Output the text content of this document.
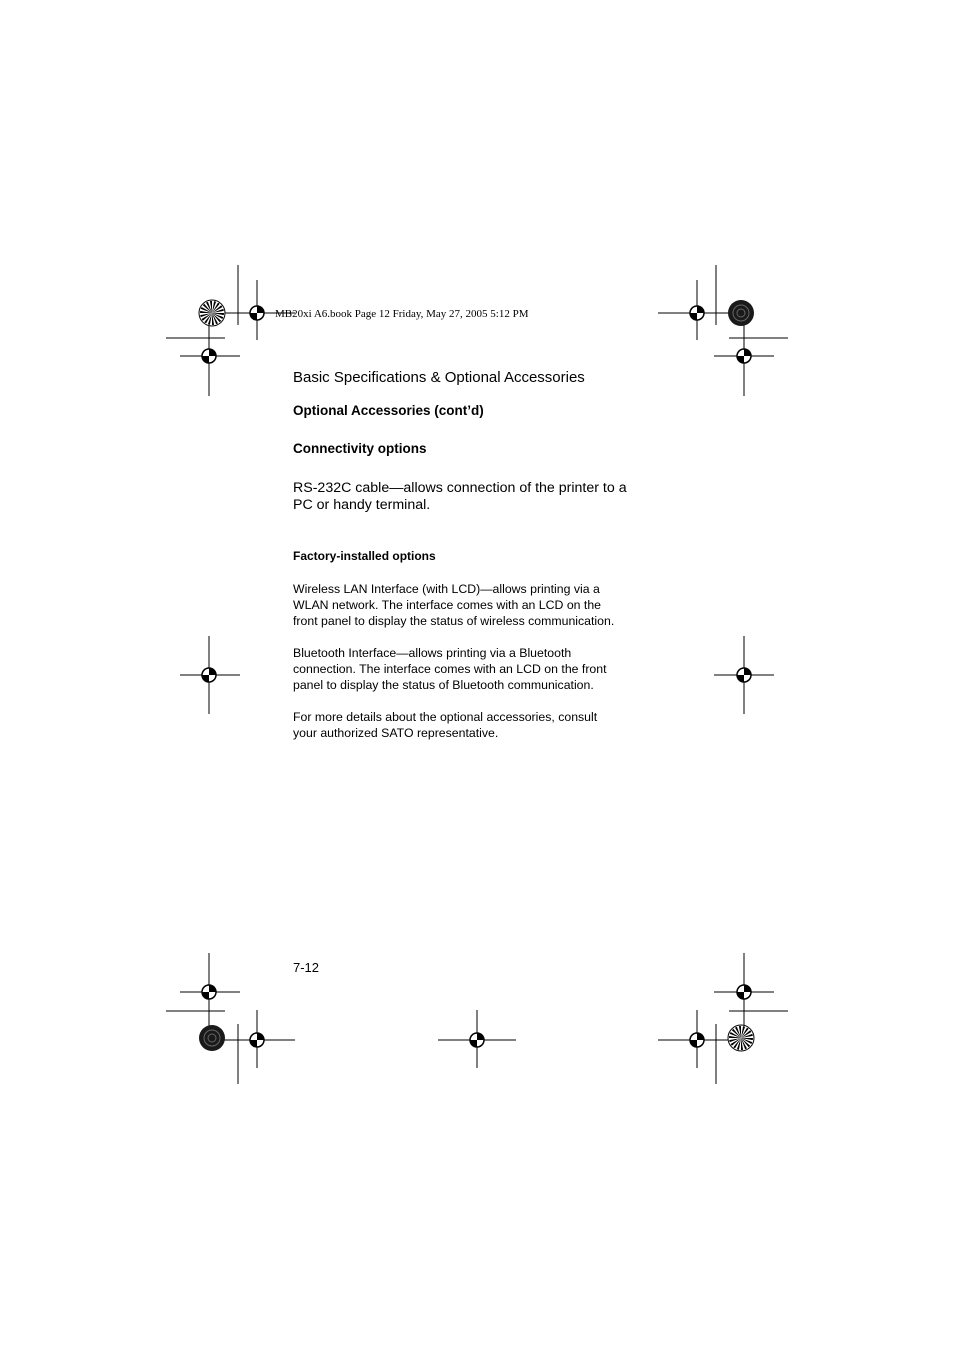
MB20xi A6.book Page 12 Friday, May 27, 2005 5:12 PM
Basic Specifications & Optional Accessories
Optional Accessories (cont’d)
Connectivity options
RS-232C cable—allows connection of the printer to a
PC or handy terminal.
Factory-installed options
Wireless LAN Interface (with LCD)—allows printing via a
WLAN network. The interface comes with an LCD on the
front panel to display the status of wireless communication.
Bluetooth Interface—allows printing via a Bluetooth
connection. The interface comes with an LCD on the front
panel to display the status of Bluetooth communication.
For more details about the optional accessories, consult
your authorized SATO representative.
7-12
